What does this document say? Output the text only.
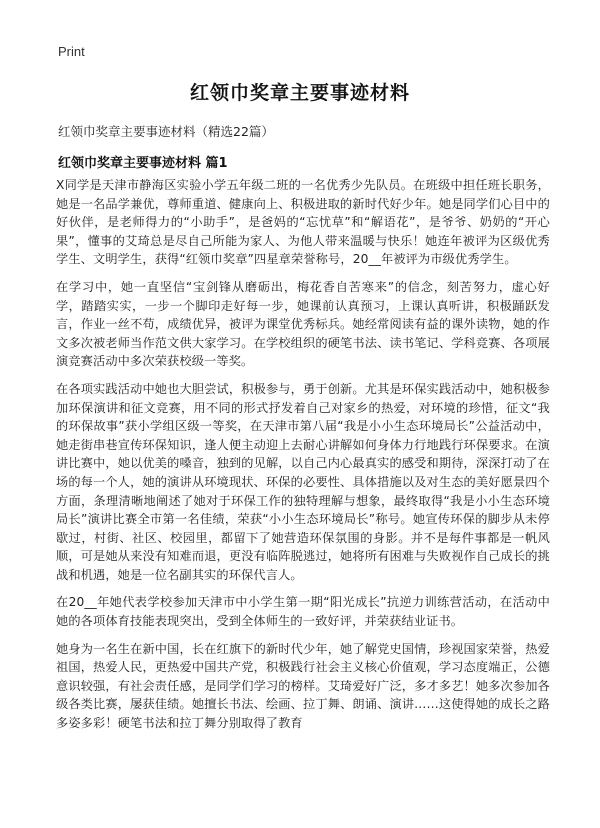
Print
红领巾奖章主要事迹材料
红领巾奖章主要事迹材料（精选22篇）
红领巾奖章主要事迹材料 篇1

X同学是天津市静海区实验小学五年级二班的一名优秀少先队员。在班级中担任班长职务，她是一名品学兼优，尊师重道、健康向上、积极进取的新时代好少年。她是同学们心目中的好伙伴，是老师得力的“小助手”，是爸妈的“忘忧草”和“解语花”，是爷爷、奶奶的“开心果”，懂事的艾琦总是尽自己所能为家人、为他人带来温暖与快乐！她连年被评为区级优秀学生、文明学生，获得“红领巾奖章”四星章荣誉称号，20__年被评为市级优秀学生。

在学习中，她一直坚信“宝剑锋从磨砺出，梅花香自苦寒来”的信念，刻苦努力，虚心好学，踏踏实实，一步一个脚印走好每一步，她课前认真预习，上课认真听讲，积极踊跃发言，作业一丝不苟，成绩优异，被评为课堂优秀标兵。她经常阅读有益的课外读物，她的作文多次被老师当作范文供大家学习。在学校组织的硬笔书法、读书笔记、学科竞赛、各项展演竞赛活动中多次荣获校级一等奖。

在各项实践活动中她也大胆尝试，积极参与，勇于创新。尤其是环保实践活动中，她积极参加环保演讲和征文竞赛，用不同的形式抒发着自己对家乡的热爱，对环境的珍惜，征文“我的环保故事”获小学组区级一等奖，在天津市第八届“我是小小生态环境局长”公益活动中，她走街串巷宣传环保知识，逢人便主动迎上去耐心讲解如何身体力行地践行环保要求。在演讲比赛中，她以优美的嗓音，独到的见解，以自己内心最真实的感受和期待，深深打动了在场的每一个人，她的演讲从环境现状、环保的必要性、具体措施以及对生态的美好愿景四个方面，条理清晰地阐述了她对于环保工作的独特理解与想象，最终取得“我是小小生态环境局长”演讲比赛全市第一名佳绩，荣获“小小生态环境局长”称号。她宣传环保的脚步从未停歇过，村街、社区、校园里，都留下了她营造环保氛围的身影。并不是每件事都是一帆风顺，可是她从来没有知难而退，更没有临阵脱逃过，她将所有困难与失败视作自己成长的挑战和机遇，她是一位名副其实的环保代言人。

在20__年她代表学校参加天津市中小学生第一期“阳光成长”抗逆力训练营活动，在活动中她的各项体育技能表现突出，受到全体师生的一致好评，并荣获结业证书。

她身为一名生在新中国，长在红旗下的新时代少年，她了解党史国情，珍视国家荣誉，热爱祖国，热爱人民，更热爱中国共产党，积极践行社会主义核心价值观，学习态度端正，公德意识较强，有社会责任感，是同学们学习的榜样。艾琦爱好广泛，多才多艺！她多次参加各级各类比赛，屡获佳绩。她擅长书法、绘画、拉丁舞、朗诵、演讲……这使得她的成长之路多姿多彩！硬笔书法和拉丁舞分别取得了教育
